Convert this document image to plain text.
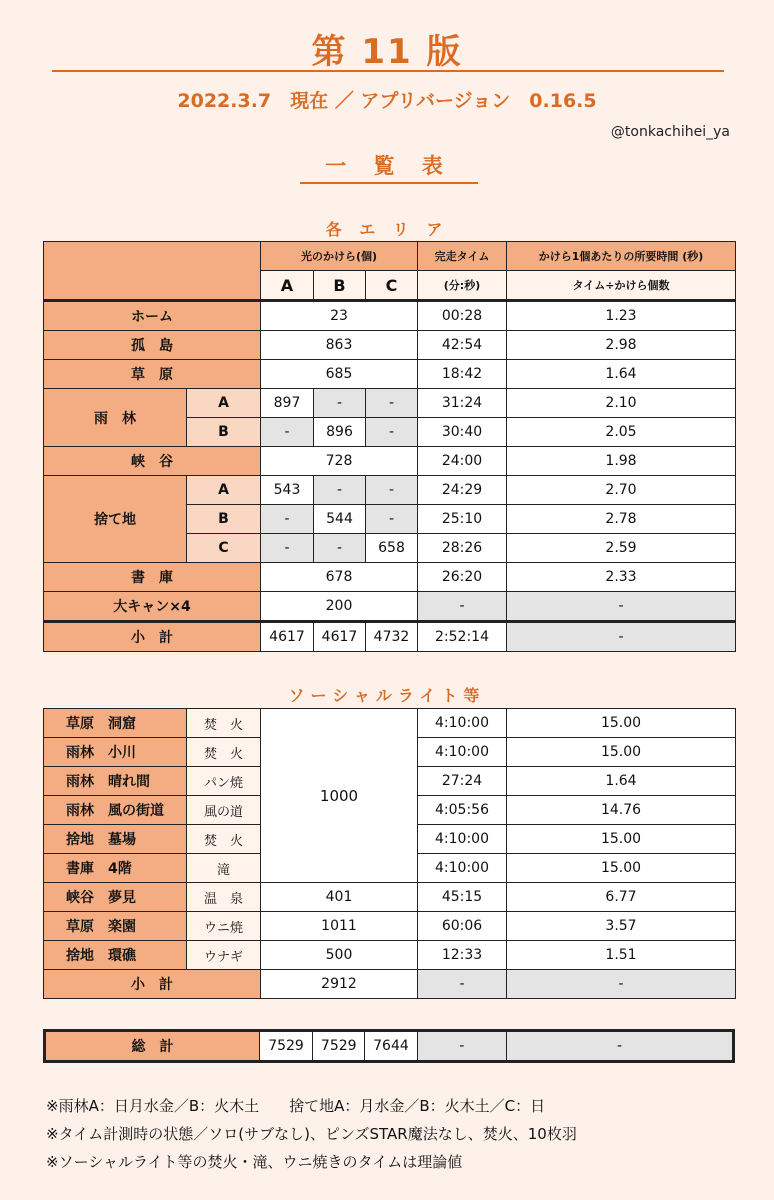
第 11 版
2022.3.7　現在 ／ アプリバージョン　0.16.5
@tonkachihei_ya
一 覧 表
各 エ リ ア
		光のかけら(個)			完走タイム	かけら1個あたりの所要時間 (秒)
		A	B	C	(分:秒)	タイム÷かけら個数
ホーム		23			00:28	1.23
孤　島		863			42:54	2.98
草　原		685			18:42	1.64
雨　林	A	897	-	-	31:24	2.10
	B	-	896	-	30:40	2.05
峡　谷		728			24:00	1.98
捨て地	A	543	-	-	24:29	2.70
	B	-	544	-	25:10	2.78
	C	-	-	658	28:26	2.59
書　庫		678			26:20	2.33
大キャン×4		200			-	-
小　計		4617	4617	4732	2:52:14	-
ソーシャルライト等
草原　洞窟	焚　火	1000	4:10:00	15.00
雨林　小川	焚　火		4:10:00	15.00
雨林　晴れ間	パン焼		27:24	1.64
雨林　風の街道	風の道		4:05:56	14.76
捨地　墓場	焚　火		4:10:00	15.00
書庫　4階	滝		4:10:00	15.00
峡谷　夢見	温　泉	401	45:15	6.77
草原　楽園	ウニ焼	1011	60:06	3.57
捨地　環礁	ウナギ	500	12:33	1.51
小　計		2912	-	-
総　計	7529	7529	7644	-	-
※雨林A：日月水金／B：火木土　　捨て地A：月水金／B：火木土／C：日
※タイム計測時の状態／ソロ(サブなし)、ピンズSTAR魔法なし、焚火、10枚羽
※ソーシャルライト等の焚火・滝、ウニ焼きのタイムは理論値
